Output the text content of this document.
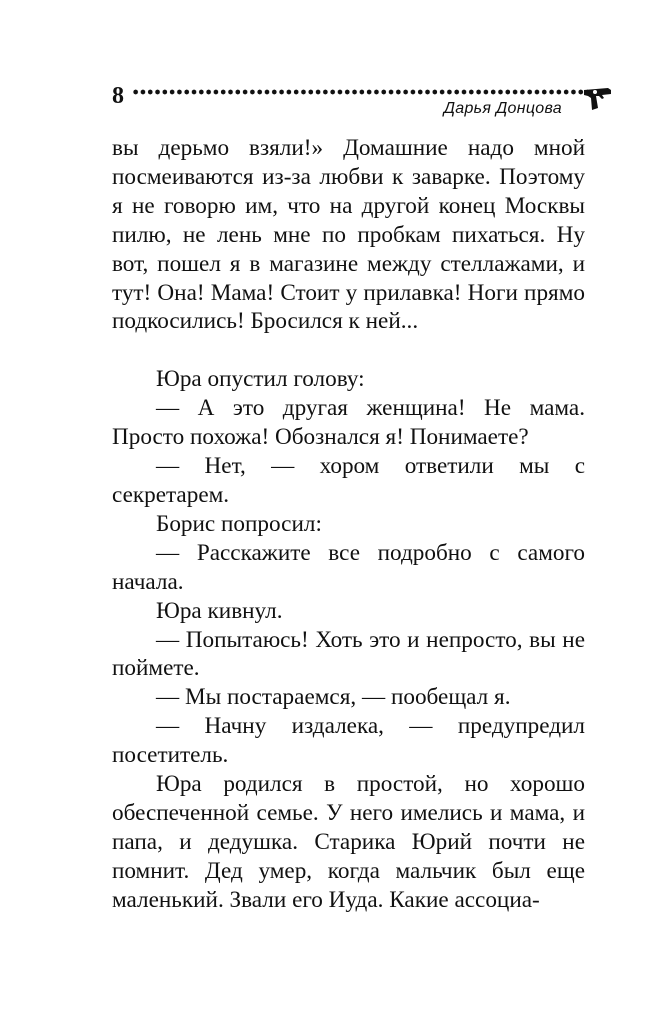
8	Дарья Донцова

вы дерьмо взяли!» Домашние надо мной посмеиваются из-за любви к заварке. Поэтому я не говорю им, что на другой конец Москвы пилю, не лень мне по пробкам пихаться. Ну вот, пошел я в магазине между стеллажами, и тут! Она! Мама! Стоит у прилавка! Ноги прямо подкосились! Бросился к ней...

Юра опустил голову:

— А это другая женщина! Не мама. Просто похожа! Обознался я! Понимаете?

— Нет, — хором ответили мы с секретарем.

Борис попросил:

— Расскажите все подробно с самого начала.

Юра кивнул.

— Попытаюсь! Хоть это и непросто, вы не поймете.

— Мы постараемся, — пообещал я.

— Начну издалека, — предупредил посетитель.

Юра родился в простой, но хорошо обеспеченной семье. У него имелись и мама, и папа, и дедушка. Старика Юрий почти не помнит. Дед умер, когда мальчик был еще маленький. Звали его Иуда. Какие ассоциа-
